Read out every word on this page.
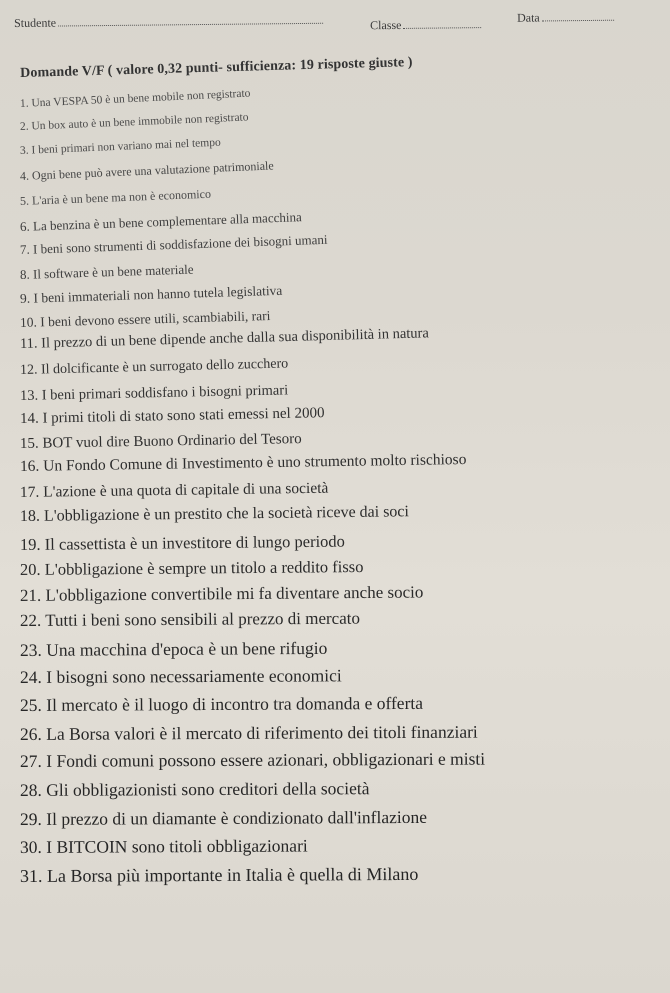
Studente	Classe
Data
Domande V/F ( valore 0,32 punti- sufficienza: 19 risposte giuste )
1. Una VESPA 50 è un bene mobile non registrato
2. Un box auto è un bene immobile non registrato
3. I beni primari non variano mai nel tempo
4. Ogni bene può avere una valutazione patrimoniale
5. L'aria è un bene ma non è economico
6. La benzina è un bene complementare alla macchina
7. I beni sono strumenti di soddisfazione dei bisogni umani
8. Il software è un bene materiale
9. I beni immateriali non hanno tutela legislativa
10. I beni devono essere utili, scambiabili, rari
11. Il prezzo di un bene dipende anche dalla sua disponibilità in natura
12. Il dolcificante è un surrogato dello zucchero
13. I beni primari soddisfano i bisogni primari
14. I primi titoli di stato sono stati emessi nel 2000
15. BOT vuol dire Buono Ordinario del Tesoro
16. Un Fondo Comune di Investimento è uno strumento molto rischioso
17. L'azione è una quota di capitale di una società
18. L'obbligazione è un prestito che la società riceve dai soci
19. Il cassettista è un investitore di lungo periodo
20. L'obbligazione è sempre un titolo a reddito fisso
21. L'obbligazione convertibile mi fa diventare anche socio
22. Tutti i beni sono sensibili al prezzo di mercato
23. Una macchina d'epoca è un bene rifugio
24. I bisogni sono necessariamente economici
25. Il mercato è il luogo di incontro tra domanda e offerta
26. La Borsa valori è il mercato di riferimento dei titoli finanziari
27. I Fondi comuni possono essere azionari, obbligazionari e misti
28. Gli obbligazionisti sono creditori della società
29. Il prezzo di un diamante è condizionato dall'inflazione
30. I BITCOIN sono titoli obbligazionari
31. La Borsa più importante in Italia è quella di Milano
